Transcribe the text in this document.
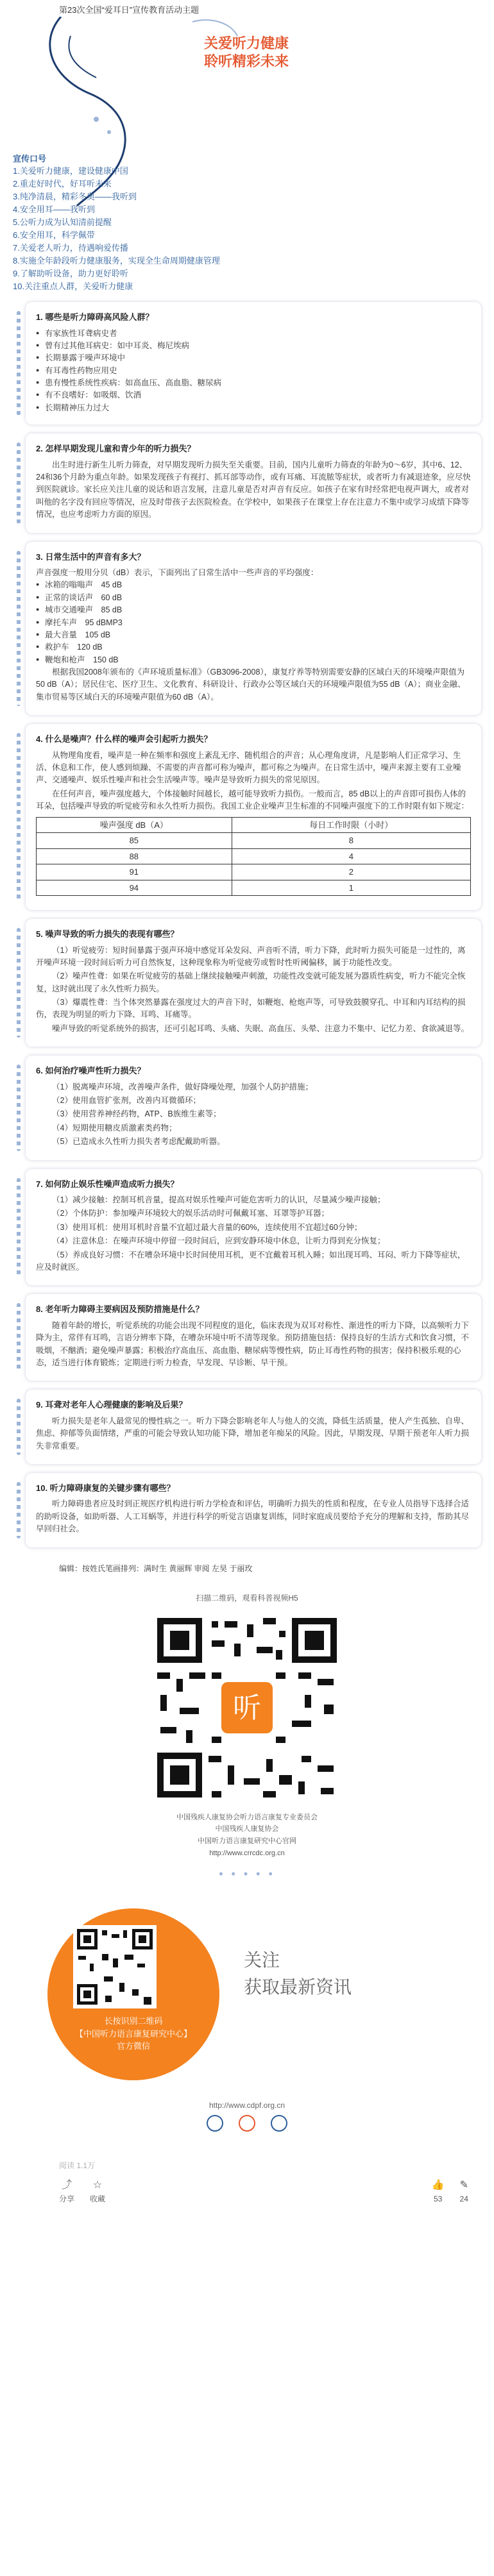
第23次全国“爱耳日”宣传教育活动主题
关爱听力健康
聆听精彩未来
宣传口号
1.关爱听力健康，建设健康中国
2.重走好时代，好耳听未来
3.纯净清晨，精彩冬奥——我听到
4.安全用耳——我听到
5.公听力成为认知清前提醒
6.安全用耳，科学佩带
7.关爱老人听力，待遇响爱传播
8.实施全年龄段听力健康服务，实现全生命周期健康管理
9.了解助听设备，助力更好聆听
10.关注重点人群，关爱听力健康
1. 哪些是听力障碍高风险人群？
● 有家族性耳聋病史者
● 曾有过其他耳病史：如中耳炎、梅尼埃病
● 长期暴露于噪声环境中
● 有耳毒性药物应用史
● 患有慢性系统性疾病：如高血压、高血脂、糖尿病
● 有不良嗜好：如吸烟、饮酒
● 长期精神压力过大
2. 怎样早期发现儿童和青少年的听力损失？
出生时进行新生儿听力筛查，对早期发现听力损失至关重要。目前，国内儿童听力筛查的年龄为0～6岁，其中6、12、24和36个月龄为重点年龄。如果发现孩子有视打、抓耳部等动作，或有耳痛、耳流脓等症状，或者听力有减退迹象，应尽快到医院就诊。家长应关注儿童的说话和语言发展，注意儿童是否对声音有反应。如孩子在家有时经常把电视声调大，或者对叫他的名字没有回应等情况，应及时带孩子去医院检查。在学校中，如果孩子在课堂上存在注意力不集中或学习成绩下降等情况，也应考虑听力方面的原因。
3. 日常生活中的声音有多大？
声音强度一般用分贝（dB）表示，下面列出了日常生活中一些声音的平均强度：
● 冰箱的嗡嗡声　45 dB
● 正常的谈话声　60 dB
● 城市交通噪声　85 dB
● 摩托车声　95 dBMP3
● 最大音量　105 dB
● 救护车　120 dB
● 鞭炮和枪声　150 dB
根据我国2008年颁布的《声环境质量标准》（GB3096-2008），康复疗养等特别需要安静的区域白天的环境噪声限值为50 dB（A）；居民住宅、医疗卫生、文化教育、科研设计、行政办公等区域白天的环境噪声限值为55 dB（A）；商业金融、集市贸易等区域白天的环境噪声限值为60 dB（A）。
4. 什么是噪声？什么样的噪声会引起听力损失？
从物理角度看，噪声是一种在频率和强度上紊乱无序、随机组合的声音；从心理角度讲，凡是影响人们正常学习、生活、休息和工作，使人感到烦躁、不需要的声音都可称为噪声，都可称之为噪声。在日常生活中，噪声来源主要有工业噪声、交通噪声、娱乐性噪声和社会生活噪声等。噪声是导致听力损失的常见原因。
在任何声音，噪声强度越大，个体接触时间越长，越可能导致听力损伤。一般而言，85 dB以上的声音即可损伤人体的耳朵，包括噪声导致的听觉疲劳和永久性听力损伤。我国工业企业噪声卫生标准的不同噪声强度下的工作时限有如下规定：
噪声强度 dB（A）	每日工作时限（小时）
85	8
88	4
91	2
94	1
5. 噪声导致的听力损失的表现有哪些？
（1）听觉疲劳：短时间暴露于强声环境中感觉耳朵发闷、声音听不清，听力下降，此时听力损失可能是一过性的，离开噪声环境一段时间后听力可自然恢复，这种现象称为听觉疲劳或暂时性听阈偏移，属于功能性改变。
（2）噪声性聋：如果在听觉疲劳的基础上继续接触噪声刺激，功能性改变就可能发展为器质性病变，听力不能完全恢复，这时就出现了永久性听力损失。
（3）爆震性聋：当个体突然暴露在强度过大的声音下时，如鞭炮、枪炮声等，可导致鼓膜穿孔、中耳和内耳结构的损伤，表现为明显的听力下降、耳鸣、耳痛等。
噪声导致的听觉系统外的损害，还可引起耳鸣、头痛、失眠、高血压、头晕、注意力不集中、记忆力差、食欲减退等。
6. 如何治疗噪声性听力损失？
（1）脱离噪声环境，改善噪声条件，做好降噪处理，加强个人防护措施；
（2）使用血管扩张剂，改善内耳微循环；
（3）使用营养神经药物，ATP、B族维生素等；
（4）短期使用糖皮质激素类药物；
（5）已造成永久性听力损失者考虑配戴助听器。
7. 如何防止娱乐性噪声造成听力损失？
（1）减少接触：控制耳机音量，提高对娱乐性噪声可能危害听力的认识，尽量减少噪声接触；
（2）个体防护：参加噪声环境较大的娱乐活动时可佩戴耳塞、耳罩等护耳器；
（3）使用耳机：使用耳机时音量不宜超过最大音量的60%，连续使用不宜超过60分钟；
（4）注意休息：在噪声环境中停留一段时间后，应到安静环境中休息，让听力得到充分恢复；
（5）养成良好习惯：不在嘈杂环境中长时间使用耳机，更不宜戴着耳机入睡；如出现耳鸣、耳闷、听力下降等症状，应及时就医。
8. 老年听力障碍主要病因及预防措施是什么？
随着年龄的增长，听觉系统的功能会出现不同程度的退化，临床表现为双耳对称性、渐进性的听力下降，以高频听力下降为主，常伴有耳鸣，言语分辨率下降，在嘈杂环境中听不清等现象。预防措施包括：保持良好的生活方式和饮食习惯，不吸烟，不酗酒；避免噪声暴露；积极治疗高血压、高血脂、糖尿病等慢性病，防止耳毒性药物的损害；保持积极乐观的心态，适当进行体育锻炼；定期进行听力检查，早发现、早诊断、早干预。
9. 耳聋对老年人心理健康的影响及后果？
听力损失是老年人最常见的慢性病之一。听力下降会影响老年人与他人的交流，降低生活质量，使人产生孤独、自卑、焦虑、抑郁等负面情绪，严重的可能会导致认知功能下降，增加老年痴呆的风险。因此，早期发现、早期干预老年人听力损失非常重要。
10. 听力障碍康复的关键步骤有哪些？
听力障碍患者应及时到正规医疗机构进行听力学检查和评估，明确听力损失的性质和程度，在专业人员指导下选择合适的助听设备，如助听器、人工耳蜗等，并进行科学的听觉言语康复训练，同时家庭成员要给予充分的理解和支持，帮助其尽早回归社会。
编辑：按姓氏笔画排列：满时生 黄丽辉 审阅 左昊 于丽玫
扫描二维码，观看科普视频H5
听
中国残疾人康复协会听力语言康复专业委员会
中国残疾人康复协会
中国听力语言康复研究中心官网
http://www.crrcdc.org.cn
• • • • •
长按识别二维码
【中国听力语言康复研究中心】
官方微信
关注
获取最新资讯
http://www.cdpf.org.cn
阅读 1.1万
⤴
分享
☆
收藏
👍
53
✎
24
